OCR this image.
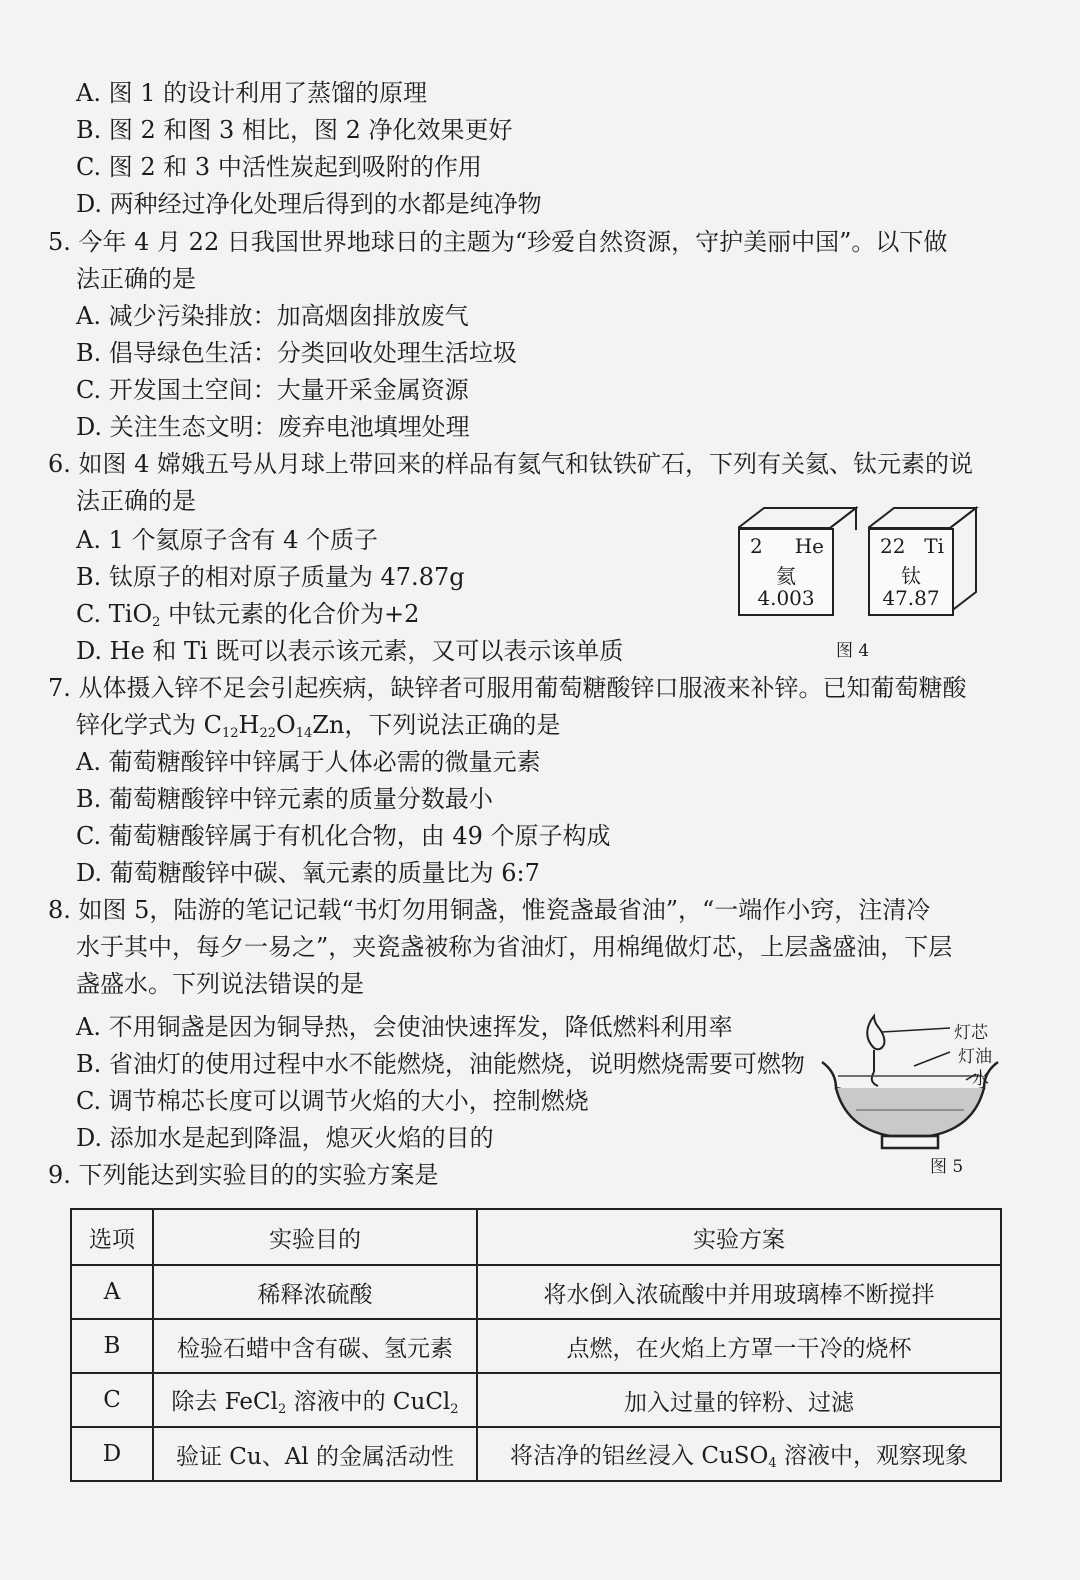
A. 图 1 的设计利用了蒸馏的原理
B. 图 2 和图 3 相比，图 2 净化效果更好
C. 图 2 和 3 中活性炭起到吸附的作用
D. 两种经过净化处理后得到的水都是纯净物
5. 今年 4 月 22 日我国世界地球日的主题为“珍爱自然资源，守护美丽中国”。以下做
法正确的是
A. 减少污染排放：加高烟囱排放废气
B. 倡导绿色生活：分类回收处理生活垃圾
C. 开发国土空间：大量开采金属资源
D. 关注生态文明：废弃电池填埋处理
6. 如图 4 嫦娥五号从月球上带回来的样品有氦气和钛铁矿石，下列有关氦、钛元素的说
法正确的是
A. 1 个氦原子含有 4 个质子
B. 钛原子的相对原子质量为 47.87g
C. TiO$_2$ 中钛元素的化合价为+2
D. He 和 Ti 既可以表示该元素，又可以表示该单质
2 He
氦
4.003
22 Ti
钛
47.87
图 4
7. 从体摄入锌不足会引起疾病，缺锌者可服用葡萄糖酸锌口服液来补锌。已知葡萄糖酸
锌化学式为 $C_{12}H_{22}O_{14}Zn$，下列说法正确的是
A. 葡萄糖酸锌中锌属于人体必需的微量元素
B. 葡萄糖酸锌中锌元素的质量分数最小
C. 葡萄糖酸锌属于有机化合物，由 49 个原子构成
D. 葡萄糖酸锌中碳、氧元素的质量比为 6:7
8. 如图 5，陆游的笔记记载“书灯勿用铜盏，惟瓷盏最省油”，“一端作小窍，注清冷
水于其中，每夕一易之”，夹瓷盏被称为省油灯，用棉绳做灯芯，上层盏盛油，下层
盏盛水。下列说法错误的是
A. 不用铜盏是因为铜导热，会使油快速挥发，降低燃料利用率
B. 省油灯的使用过程中水不能燃烧，油能燃烧，说明燃烧需要可燃物
C. 调节棉芯长度可以调节火焰的大小，控制燃烧
D. 添加水是起到降温，熄灭火焰的目的
灯芯
灯油
水
图 5
9. 下列能达到实验目的的实验方案是
选项	实验目的	实验方案
A	稀释浓硫酸	将水倒入浓硫酸中并用玻璃棒不断搅拌
B	检验石蜡中含有碳、氢元素	点燃，在火焰上方罩一干冷的烧杯
C	除去 FeCl$_2$ 溶液中的 CuCl$_2$	加入过量的锌粉、过滤
D	验证 Cu、Al 的金属活动性	将洁净的铝丝浸入 CuSO$_4$ 溶液中，观察现象
